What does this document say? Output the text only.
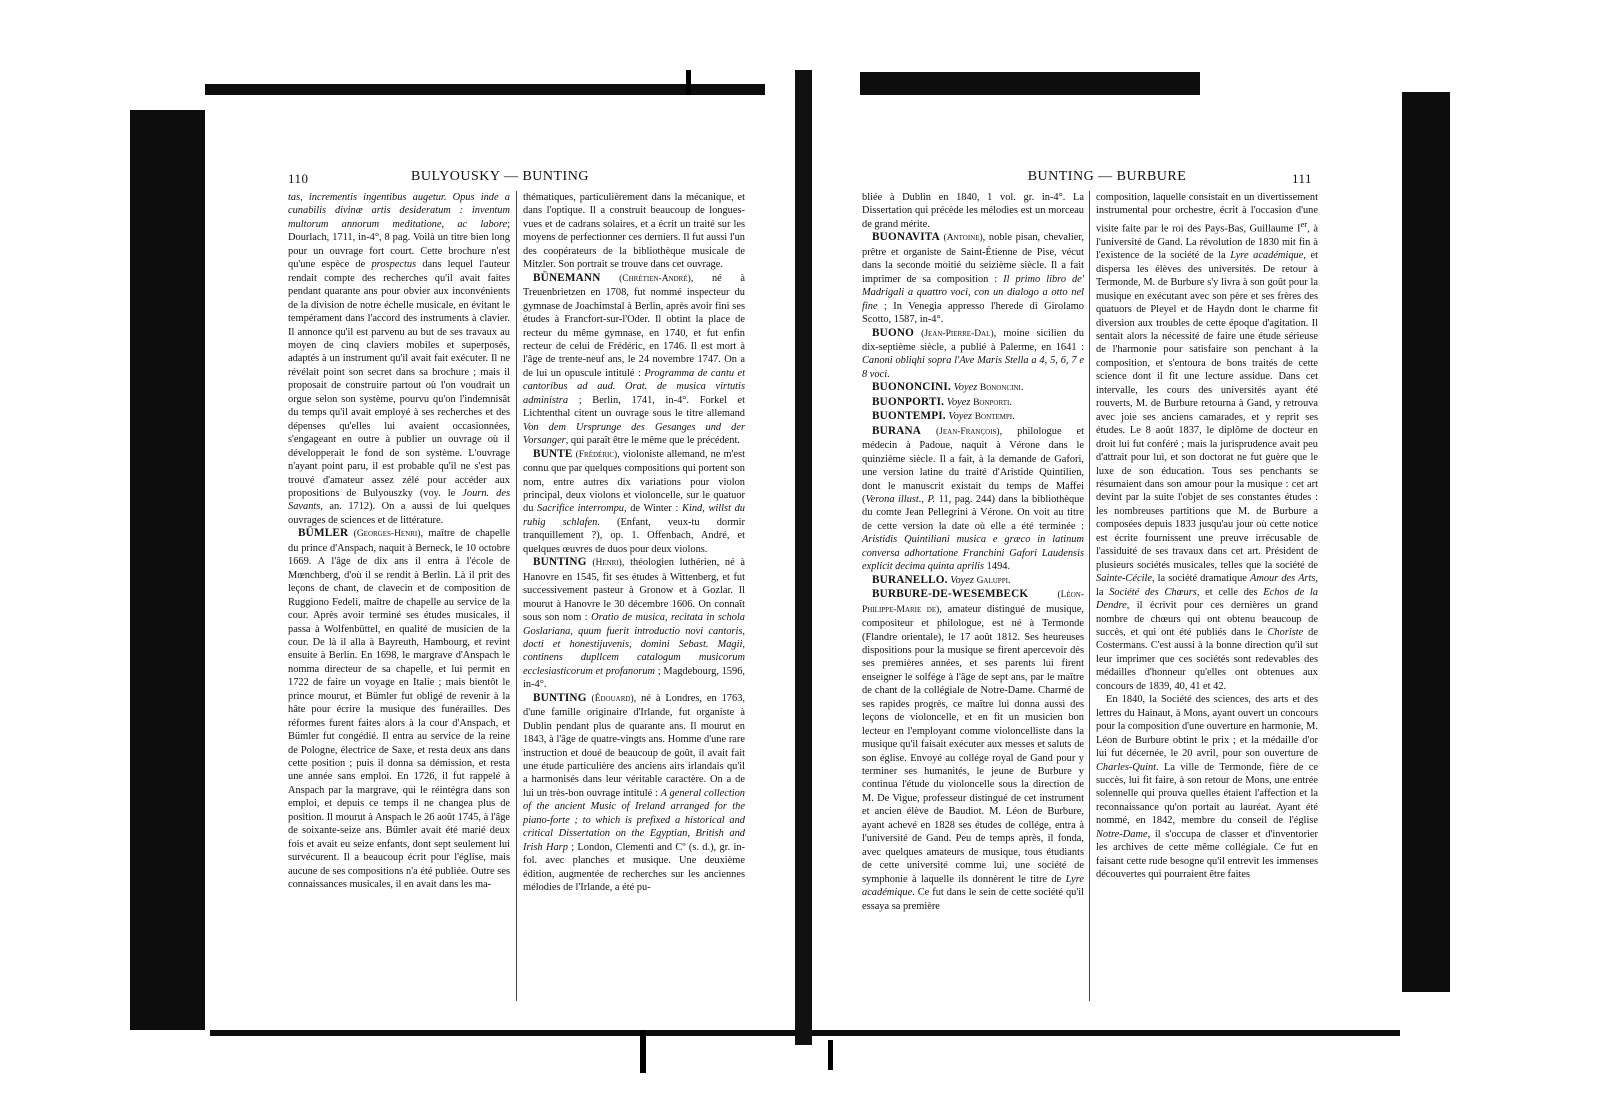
110	BULYOUSKY — BUNTING

tas, incrementis ingentibus augetur. Opus inde a cunabilis divinæ artis desideratum : inventum multorum annorum meditatione, ac labore; Dourlach, 1711, in-4°, 8 pag. Voilà un titre bien long pour un ouvrage fort court. Cette brochure n'est qu'une espèce de prospectus dans lequel l'auteur rendait compte des recherches qu'il avait faites pendant quarante ans pour obvier aux inconvénients de la division de notre échelle musicale, en évitant le tempérament dans l'accord des instruments à clavier. Il annonce qu'il est parvenu au but de ses travaux au moyen de cinq claviers mobiles et superposés, adaptés à un instrument qu'il avait fait exécuter. Il ne révélait point son secret dans sa brochure ; mais il proposait de construire partout où l'on voudrait un orgue selon son système, pourvu qu'on l'indemnisât du temps qu'il avait employé à ses recherches et des dépenses qu'elles lui avaient occasionnées, s'engageant en outre à publier un ouvrage où il développerait le fond de son système. L'ouvrage n'ayant point paru, il est probable qu'il ne s'est pas trouvé d'amateur assez zélé pour accéder aux propositions de Bulyouszky (voy. le Journ. des Savants, an. 1712). On a aussi de lui quelques ouvrages de sciences et de littérature.

BÜMLER (Georges-Henri), maître de chapelle du prince d'Anspach, naquit à Berneck, le 10 octobre 1669. A l'âge de dix ans il entra à l'école de Mœnchberg, d'où il se rendit à Berlin. Là il prit des leçons de chant, de clavecin et de composition de Ruggiono Fedeli, maître de chapelle au service de la cour. Après avoir terminé ses études musicales, il passa à Wolfenbüttel, en qualité de musicien de la cour. De là il alla à Bayreuth, Hambourg, et revint ensuite à Berlin. En 1698, le margrave d'Anspach le nomma directeur de sa chapelle, et lui permit en 1722 de faire un voyage en Italie ; mais bientôt le prince mourut, et Bümler fut obligé de revenir à la hâte pour écrire la musique des funérailles. Des réformes furent faites alors à la cour d'Anspach, et Bümler fut congédié. Il entra au service de la reine de Pologne, électrice de Saxe, et resta deux ans dans cette position ; puis il donna sa démission, et resta une année sans emploi. En 1726, il fut rappelé à Anspach par la margrave, qui le réintégra dans son emploi, et depuis ce temps il ne changea plus de position. Il mourut à Anspach le 26 août 1745, à l'âge de soixante-seize ans. Bümler avait été marié deux fois et avait eu seize enfants, dont sept seulement lui survécurent. Il a beaucoup écrit pour l'église, mais aucune de ses compositions n'a été publiée. Outre ses connaissances musicales, il en avait dans les ma-

thématiques, particulièrement dans la mécanique, et dans l'optique. Il a construit beaucoup de longues-vues et de cadrans solaires, et a écrit un traité sur les moyens de perfectionner ces derniers. Il fut aussi l'un des coopérateurs de la bibliothèque musicale de Mitzler. Son portrait se trouve dans cet ouvrage.

BÜNEMANN (Chrétien-André), né à Treuenbrietzen en 1708, fut nommé inspecteur du gymnase de Joachimstal à Berlin, après avoir fini ses études à Francfort-sur-l'Oder. Il obtint la place de recteur du même gymnase, en 1740, et fut enfin recteur de celui de Frédéric, en 1746. Il est mort à l'âge de trente-neuf ans, le 24 novembre 1747. On a de lui un opuscule intitulé : Programma de cantu et cantoribus ad aud. Orat. de musica virtutis administra ; Berlin, 1741, in-4°. Forkel et Lichtenthal citent un ouvrage sous le titre allemand Von dem Ursprunge des Gesanges und der Vorsanger, qui paraît être le même que le précédent.

BUNTE (Frédéric), violoniste allemand, ne m'est connu que par quelques compositions qui portent son nom, entre autres dix variations pour violon principal, deux violons et violoncelle, sur le quatuor du Sacrifice interrompu, de Winter : Kind, willst du ruhig schlafen. (Enfant, veux-tu dormir tranquillement ?), op. 1. Offenbach, André, et quelques œuvres de duos pour deux violons.

BUNTING (Henri), théologien luthérien, né à Hanovre en 1545, fit ses études à Wittenberg, et fut successivement pasteur à Gronow et à Gozlar. Il mourut à Hanovre le 30 décembre 1606. On connaît sous son nom : Oratio de musica, recitata in schola Goslariana, quum fuerit introductio novi cantoris, docti et honestijuvenis, domini Sebast. Magii, continens dupllcem catalogum musicorum ecclesiasticorum et profanorum ; Magdebourg, 1596, in-4°.

BUNTING (Édouard), né à Londres, en 1763, d'une famille originaire d'Irlande, fut organiste à Dublin pendant plus de quarante ans. Il mourut en 1843, à l'âge de quatre-vingts ans. Homme d'une rare instruction et doué de beaucoup de goût, il avait fait une étude particulière des anciens airs irlandais qu'il a harmonisés dans leur véritable caractère. On a de lui un très-bon ouvrage intitulé : A general collection of the ancient Music of Ireland arranged for the piano-forte ; to which is prefixed a historical and critical Dissertation on the Egyptian, British and Irish Harp ; London, Clementi and Cº (s. d.), gr. in-fol. avec planches et musique. Une deuxième édition, augmentée de recherches sur les anciennes mélodies de l'Irlande, a été pu-

BUNTING — BURBURE	111

bliée à Dublin en 1840, 1 vol. gr. in-4°. La Dissertation qui précède les mélodies est un morceau de grand mérite.

BUONAVITA (Antoine), noble pisan, chevalier, prêtre et organiste de Saint-Étienne de Pise, vécut dans la seconde moitié du seizième siècle. Il a fait imprimer de sa composition : Il primo libro de' Madrigali a quattro voci, con un dialogo a otto nel fine ; In Venegia appresso l'herede di Girolamo Scotto, 1587, in-4°.

BUONO (Jean-Pierre-Dal), moine sicilien du dix-septième siècle, a publié à Palerme, en 1641 : Canoni obliqhi sopra l'Ave Maris Stella a 4, 5, 6, 7 e 8 voci.

BUONONCINI. Voyez Bononcini.

BUONPORTI. Voyez Bonporti.

BUONTEMPI. Voyez Bontempi.

BURANA (Jean-François), philologue et médecin à Padoue, naquit à Vérone dans le quinzième siècle. Il a fait, à la demande de Gafori, une version latine du traité d'Aristide Quintilien, dont le manuscrit existait du temps de Maffei (Verona illust., P. 11, pag. 244) dans la bibliothèque du comte Jean Pellegrini à Vérone. On voit au titre de cette version la date où elle a été terminée : Aristidis Quintiliani musica e græco in latinum conversa adhortatione Franchini Gafori Laudensis explicit decima quinta aprilis 1494.

BURANELLO. Voyez Galuppi.

BURBURE-DE-WESEMBECK	(Léon-Philippe-Marie de), amateur distingué de musique, compositeur et philologue, est né à Termonde (Flandre orientale), le 17 août 1812. Ses heureuses dispositions pour la musique se firent apercevoir dès ses premières années, et ses parents lui firent enseigner le solfége à l'âge de sept ans, par le maître de chant de la collégiale de Notre-Dame. Charmé de ses rapides progrès, ce maître lui donna aussi des leçons de violoncelle, et en fit un musicien bon lecteur en l'employant comme violoncelliste dans la musique qu'il faisait exécuter aux messes et saluts de son église. Envoyé au collége royal de Gand pour y terminer ses humanités, le jeune de Burbure y continua l'étude du violoncelle sous la direction de M. De Vigue, professeur distingué de cet instrument et ancien élève de Baudiot. M. Léon de Burbure, ayant achevé en 1828 ses études de collége, entra à l'université de Gand. Peu de temps après, il fonda, avec quelques amateurs de musique, tous étudiants de cette université comme lui, une société de symphonie à laquelle ils donnèrent le titre de Lyre académique. Ce fut dans le sein de cette société qu'il essaya sa première

composition, laquelle consistait en un divertissement instrumental pour orchestre, écrit à l'occasion d'une visite faite par le roi des Pays-Bas, Guillaume Ier, à l'université de Gand. La révolution de 1830 mit fin à l'existence de la société de la Lyre académique, et dispersa les élèves des universités. De retour à Termonde, M. de Burbure s'y livra à son goût pour la musique en exécutant avec son père et ses frères des quatuors de Pleyel et de Haydn dont le charme fit diversion aux troubles de cette époque d'agitation. Il sentait alors la nécessité de faire une étude sérieuse de l'harmonie pour satisfaire son penchant à la composition, et s'entoura de bons traités de cette science dont il fit une lecture assidue. Dans cet intervalle, les cours des universités ayant été rouverts, M. de Burbure retourna à Gand, y retrouva avec joie ses anciens camarades, et y reprit ses études. Le 8 août 1837, le diplôme de docteur en droit lui fut conféré ; mais la jurisprudence avait peu d'attrait pour lui, et son doctorat ne fut guère que le luxe de son éducation. Tous ses penchants se résumaient dans son amour pour la musique : cet art devint par la suite l'objet de ses constantes études : les nombreuses partitions que M. de Burbure a composées depuis 1833 jusqu'au jour où cette notice est écrite fournissent une preuve irrécusable de l'assiduité de ses travaux dans cet art. Président de plusieurs sociétés musicales, telles que la société de Sainte-Cécile, la société dramatique Amour des Arts, la Société des Chœurs, et celle des Echos de la Dendre, il écrivit pour ces dernières un grand nombre de chœurs qui ont obtenu beaucoup de succès, et qui ont été publiés dans le Choriste de Costermans. C'est aussi à la bonne direction qu'il sut leur imprimer que ces sociétés sont redevables des médailles d'honneur qu'elles ont obtenues aux concours de 1839, 40, 41 et 42.

En 1840, la Société des sciences, des arts et des lettres du Hainaut, à Mons, ayant ouvert un concours pour la composition d'une ouverture en harmonie, M. Léon de Burbure obtint le prix ; et la médaille d'or lui fut décernée, le 20 avril, pour son ouverture de Charles-Quint. La ville de Termonde, fière de ce succès, lui fit faire, à son retour de Mons, une entrée solennelle qui prouva quelles étaient l'affection et la reconnaissance qu'on portait au lauréat. Ayant été nommé, en 1842, membre du conseil de l'église Notre-Dame, il s'occupa de classer et d'inventorier les archives de cette même collégiale. Ce fut en faisant cette rude besogne qu'il entrevit les immenses découvertes qui pourraient être faites
